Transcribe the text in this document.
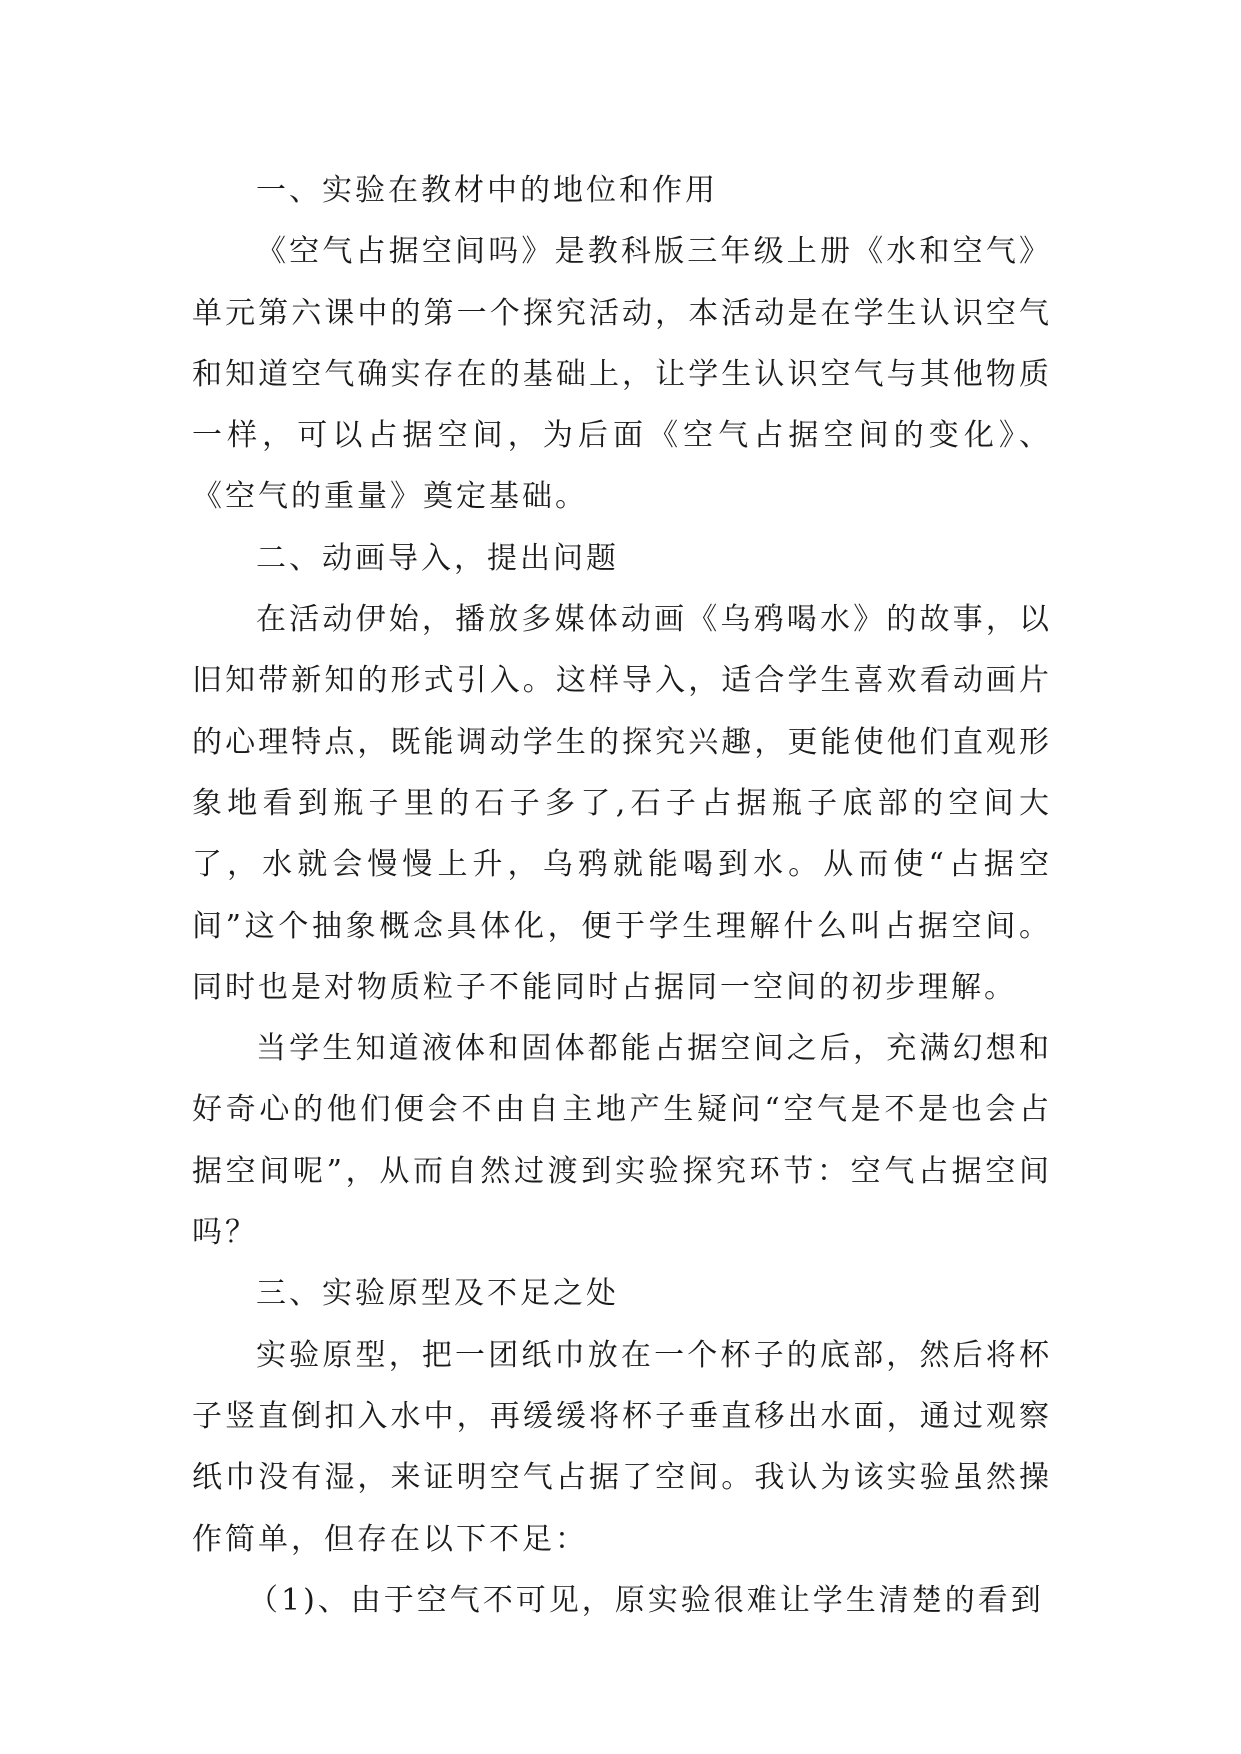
一、实验在教材中的地位和作用

《空气占据空间吗》是教科版三年级上册《水和空气》单元第六课中的第一个探究活动，本活动是在学生认识空气和知道空气确实存在的基础上，让学生认识空气与其他物质一样，可以占据空间，为后面《空气占据空间的变化》、《空气的重量》奠定基础。

二、动画导入，提出问题

在活动伊始，播放多媒体动画《乌鸦喝水》的故事，以旧知带新知的形式引入。这样导入，适合学生喜欢看动画片的心理特点，既能调动学生的探究兴趣，更能使他们直观形象地看到瓶子里的石子多了,石子占据瓶子底部的空间大了，水就会慢慢上升，乌鸦就能喝到水。从而使“占据空间”这个抽象概念具体化，便于学生理解什么叫占据空间。同时也是对物质粒子不能同时占据同一空间的初步理解。

当学生知道液体和固体都能占据空间之后，充满幻想和好奇心的他们便会不由自主地产生疑问“空气是不是也会占据空间呢”，从而自然过渡到实验探究环节：空气占据空间吗？

三、实验原型及不足之处

实验原型，把一团纸巾放在一个杯子的底部，然后将杯子竖直倒扣入水中，再缓缓将杯子垂直移出水面，通过观察纸巾没有湿，来证明空气占据了空间。我认为该实验虽然操作简单，但存在以下不足：

（1)、由于空气不可见，原实验很难让学生清楚的看到
